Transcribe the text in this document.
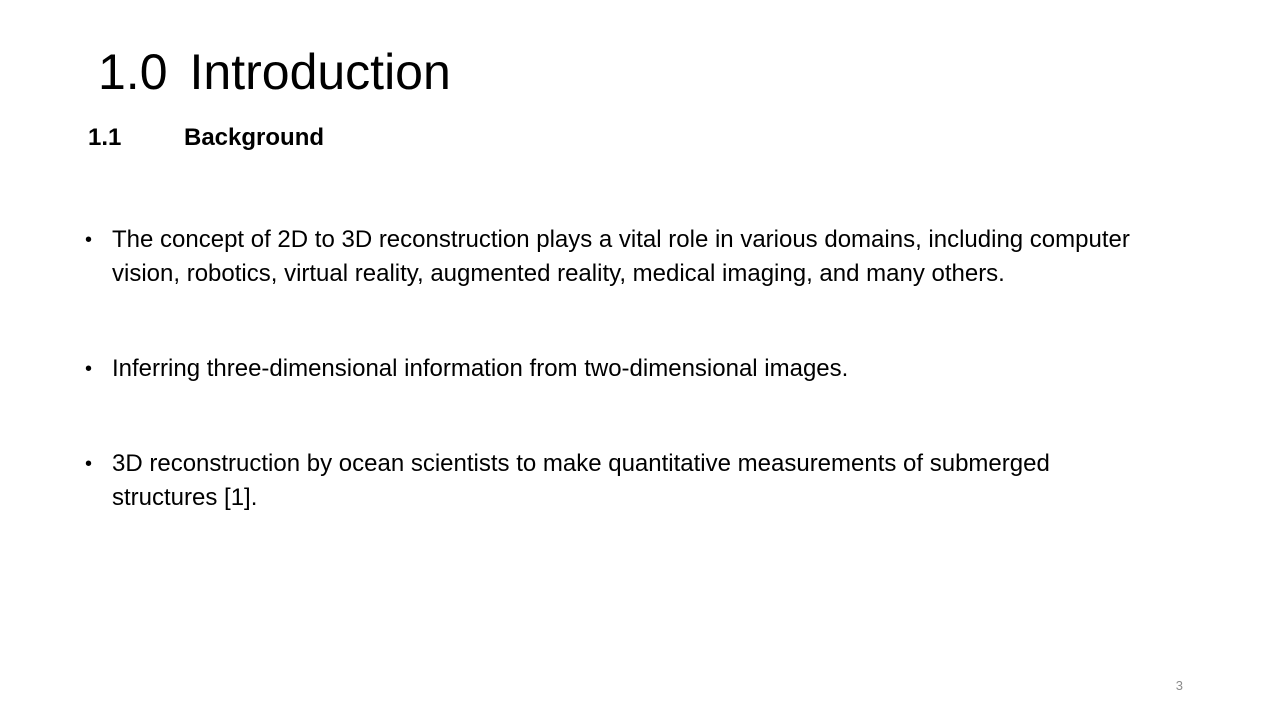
1.0 Introduction
1.1	Background
• The concept of 2D to 3D reconstruction plays a vital role in various domains, including computer vision, robotics, virtual reality, augmented reality, medical imaging, and many others.
• Inferring three-dimensional information from two-dimensional images.
• 3D reconstruction by ocean scientists to make quantitative measurements of submerged structures [1].
3
